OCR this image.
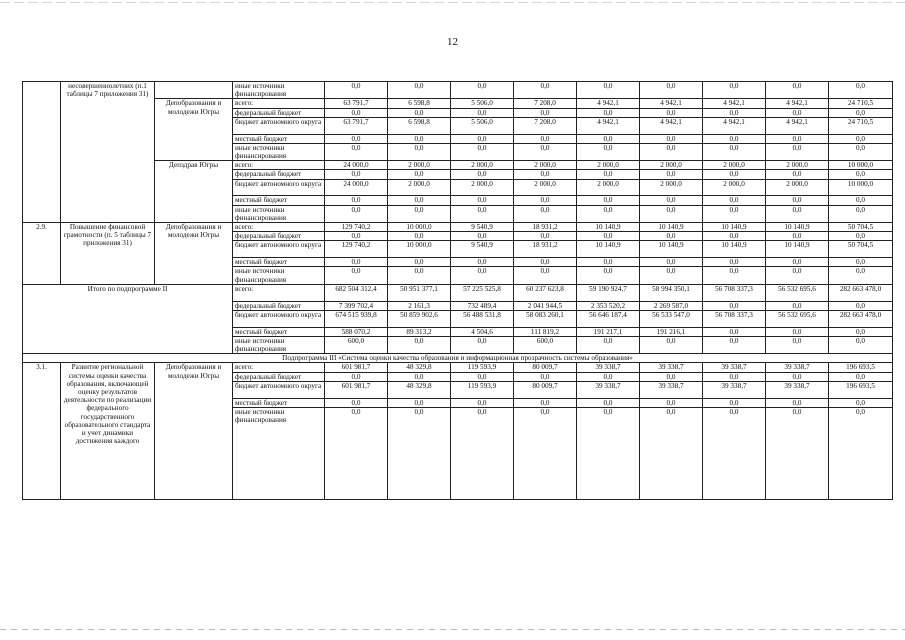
12
	несовершеннолетних (п.1 таблицы 7 приложения 31)		иные источники финансирования	0,0	0,0	0,0	0,0	0,0	0,0	0,0	0,0	0,0
		Депобразования и молодежи Югры	всего:	63 791,7	6 598,8	5 506,0	7 208,0	4 942,1	4 942,1	4 942,1	4 942,1	24 710,5
			федеральный бюджет	0,0	0,0	0,0	0,0	0,0	0,0	0,0	0,0	0,0
			бюджет автономного округа	63 791,7	6 598,8	5 506,0	7 208,0	4 942,1	4 942,1	4 942,1	4 942,1	24 710,5
			местный бюджет	0,0	0,0	0,0	0,0	0,0	0,0	0,0	0,0	0,0
			иные источники финансирования	0,0	0,0	0,0	0,0	0,0	0,0	0,0	0,0	0,0
		Депздрав Югры	всего:	24 000,0	2 000,0	2 000,0	2 000,0	2 000,0	2 000,0	2 000,0	2 000,0	10 000,0
			федеральный бюджет	0,0	0,0	0,0	0,0	0,0	0,0	0,0	0,0	0,0
			бюджет автономного округа	24 000,0	2 000,0	2 000,0	2 000,0	2 000,0	2 000,0	2 000,0	2 000,0	10 000,0
			местный бюджет	0,0	0,0	0,0	0,0	0,0	0,0	0,0	0,0	0,0
			иные источники финансирования	0,0	0,0	0,0	0,0	0,0	0,0	0,0	0,0	0,0
2.9.	Повышение финансовой грамотности (п. 5 таблицы 7 приложения 31)	Депобразования и молодежи Югры	всего:	129 740,2	10 000,0	9 540,9	18 931,2	10 140,9	10 140,9	10 140,9	10 140,9	50 704,5
			федеральный бюджет	0,0	0,0	0,0	0,0	0,0	0,0	0,0	0,0	0,0
			бюджет автономного округа	129 740,2	10 000,0	9 540,9	18 931,2	10 140,9	10 140,9	10 140,9	10 140,9	50 704,5
			местный бюджет	0,0	0,0	0,0	0,0	0,0	0,0	0,0	0,0	0,0
			иные источники финансирования	0,0	0,0	0,0	0,0	0,0	0,0	0,0	0,0	0,0
Итого по подпрограмме II			всего:	682 504 312,4	50 951 377,1	57 225 525,8	60 237 623,8	59 190 924,7	58 994 350,1	56 708 337,3	56 532 695,6	282 663 478,0
			федеральный бюджет	7 399 702,4	2 161,3	732 489,4	2 041 944,5	2 353 520,2	2 269 587,0	0,0	0,0	0,0
			бюджет автономного округа	674 515 939,8	50 859 902,6	56 488 531,8	58 083 260,1	56 646 187,4	56 533 547,0	56 708 337,3	56 532 695,6	282 663 478,0
			местный бюджет	588 070,2	89 313,2	4 504,6	111 819,2	191 217,1	191 216,1	0,0	0,0	0,0
			иные источники финансирования	600,0	0,0	0,0	600,0	0,0	0,0	0,0	0,0	0,0
Подпрограмма III «Система оценки качества образования и информационная прозрачность системы образования»												
3.1.	Развитие региональной системы оценки качества образования, включающей оценку результатов деятельности по реализации федерального государственного образовательного стандарта и учет динамики достижения каждого	Депобразования и молодежи Югры	всего:	601 981,7	48 329,8	119 593,9	80 009,7	39 338,7	39 338,7	39 338,7	39 338,7	196 693,5
			федеральный бюджет	0,0	0,0	0,0	0,0	0,0	0,0	0,0	0,0	0,0
			бюджет автономного округа	601 981,7	48 329,8	119 593,9	80 009,7	39 338,7	39 338,7	39 338,7	39 338,7	196 693,5
			местный бюджет	0,0	0,0	0,0	0,0	0,0	0,0	0,0	0,0	0,0
			иные источники финансирования	0,0	0,0	0,0	0,0	0,0	0,0	0,0	0,0	0,0
